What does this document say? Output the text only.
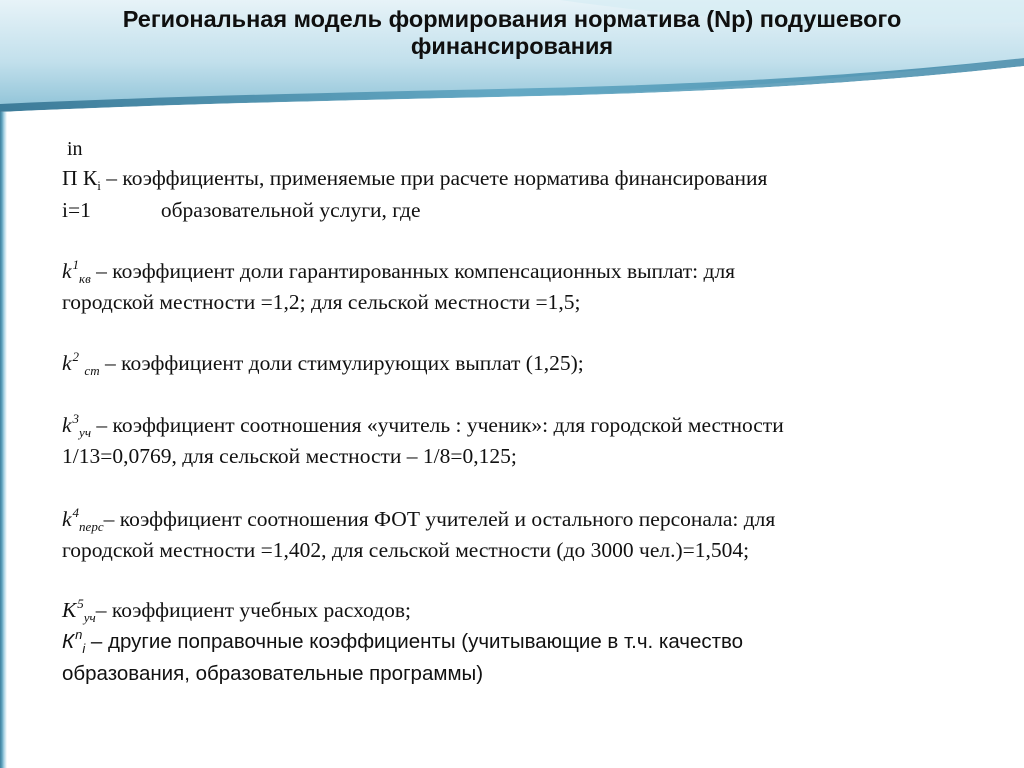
Региональная модель формирования норматива (Nр) подушевого
финансирования
in
П $К_i$ – коэффициенты, применяемые при расчете норматива финансирования
i=1	образовательной услуги, где
$k^1_{кв}$ – коэффициент доли гарантированных компенсационных выплат: для
городской местности =1,2; для сельской местности =1,5;
$k^2$ $_{ст}$ – коэффициент доли стимулирующих выплат (1,25);
$k^3_{уч}$ – коэффициент соотношения «учитель : ученик»: для городской местности
1/13=0,0769, для сельской местности – 1/8=0,125;
$k^4_{перс}-$ коэффициент соотношения ФОТ учителей и остального персонала: для
городской местности =1,402, для сельской местности (до 3000 чел.)=1,504;
$К^5_{уч}-$ коэффициент учебных расходов;
$К^n_i$ – другие поправочные коэффициенты (учитывающие в т.ч. качество
образования, образовательные программы)
